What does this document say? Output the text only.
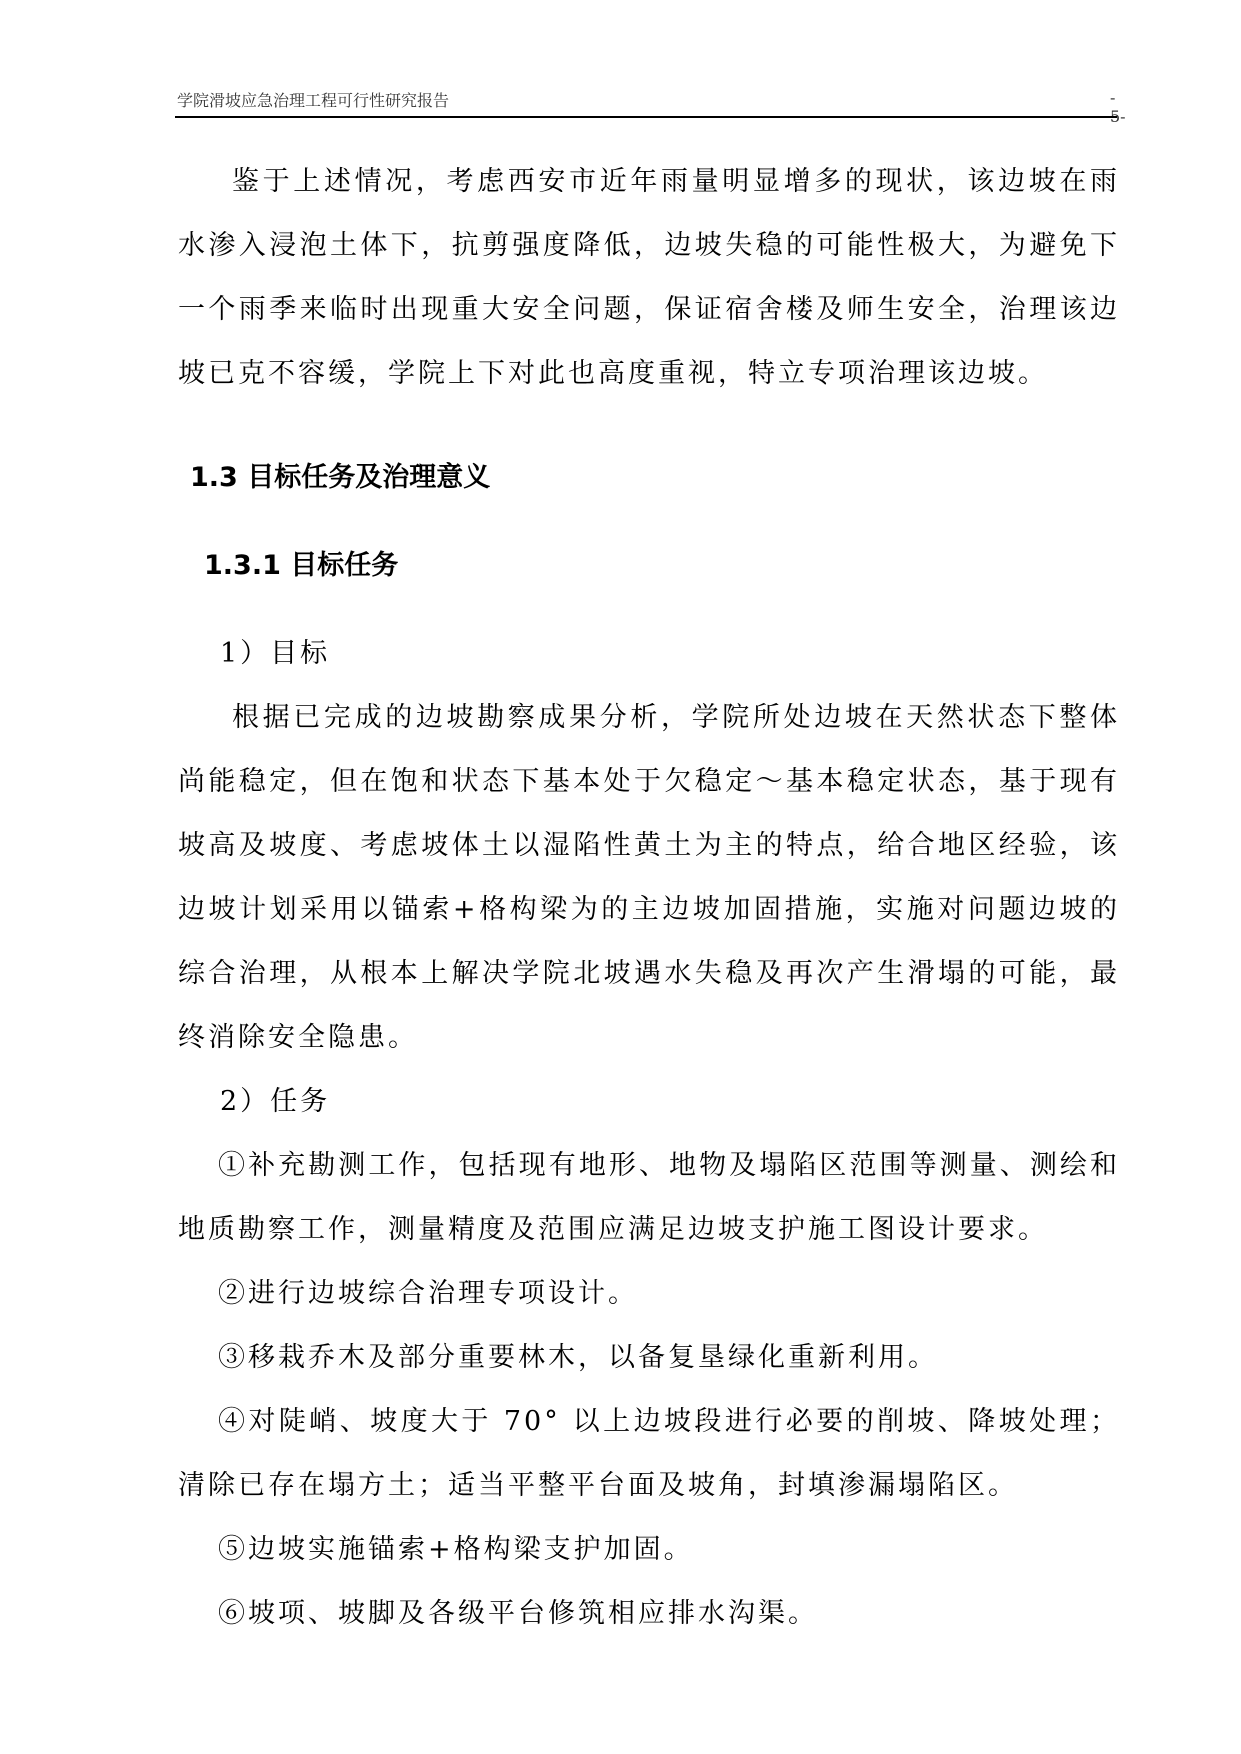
学院滑坡应急治理工程可行性研究报告	- 5-

鉴于上述情况，考虑西安市近年雨量明显增多的现状，该边坡在雨水渗入浸泡土体下，抗剪强度降低，边坡失稳的可能性极大，为避免下一个雨季来临时出现重大安全问题，保证宿舍楼及师生安全，治理该边坡已克不容缓，学院上下对此也高度重视，特立专项治理该边坡。

1.3 目标任务及治理意义
1.3.1 目标任务
1）目标

根据已完成的边坡勘察成果分析，学院所处边坡在天然状态下整体尚能稳定，但在饱和状态下基本处于欠稳定～基本稳定状态，基于现有坡高及坡度、考虑坡体土以湿陷性黄土为主的特点，给合地区经验，该边坡计划采用以锚索+格构梁为的主边坡加固措施，实施对问题边坡的综合治理，从根本上解决学院北坡遇水失稳及再次产生滑塌的可能，最终消除安全隐患。

2）任务

①补充勘测工作，包括现有地形、地物及塌陷区范围等测量、测绘和地质勘察工作，测量精度及范围应满足边坡支护施工图设计要求。

②进行边坡综合治理专项设计。

③移栽乔木及部分重要林木，以备复垦绿化重新利用。

④对陡峭、坡度大于 70° 以上边坡段进行必要的削坡、降坡处理；清除已存在塌方土；适当平整平台面及坡角，封填渗漏塌陷区。

⑤边坡实施锚索+格构梁支护加固。

⑥坡项、坡脚及各级平台修筑相应排水沟渠。
